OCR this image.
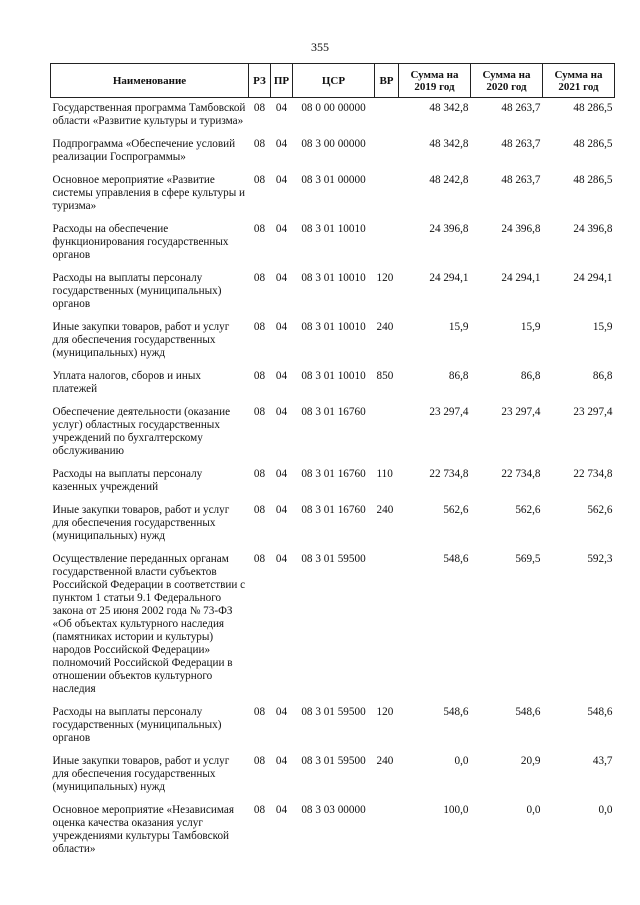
355
Наименование	РЗ	ПР	ЦСР	ВР	Сумма на 2019 год	Сумма на 2020 год	Сумма на 2021 год
Государственная программа Тамбовской области «Развитие культуры и туризма»	08	04	08 0 00 00000		48 342,8	48 263,7	48 286,5
Подпрограмма «Обеспечение условий реализации Госпрограммы»	08	04	08 3 00 00000		48 342,8	48 263,7	48 286,5
Основное мероприятие «Развитие системы управления в сфере культуры и туризма»	08	04	08 3 01 00000		48 242,8	48 263,7	48 286,5
Расходы на обеспечение функционирования государственных органов	08	04	08 3 01 10010		24 396,8	24 396,8	24 396,8
Расходы на выплаты персоналу государственных (муниципальных) органов	08	04	08 3 01 10010	120	24 294,1	24 294,1	24 294,1
Иные закупки товаров, работ и услуг для обеспечения государственных (муниципальных) нужд	08	04	08 3 01 10010	240	15,9	15,9	15,9
Уплата налогов, сборов и иных платежей	08	04	08 3 01 10010	850	86,8	86,8	86,8
Обеспечение деятельности (оказание услуг) областных государственных учреждений по бухгалтерскому обслуживанию	08	04	08 3 01 16760		23 297,4	23 297,4	23 297,4
Расходы на выплаты персоналу казенных учреждений	08	04	08 3 01 16760	110	22 734,8	22 734,8	22 734,8
Иные закупки товаров, работ и услуг для обеспечения государственных (муниципальных) нужд	08	04	08 3 01 16760	240	562,6	562,6	562,6
Осуществление переданных органам государственной власти субъектов Российской Федерации в соответствии с пунктом 1 статьи 9.1 Федерального закона от 25 июня 2002 года № 73-ФЗ «Об объектах культурного наследия (памятниках истории и культуры) народов Российской Федерации» полномочий Российской Федерации в отношении объектов культурного наследия	08	04	08 3 01 59500		548,6	569,5	592,3
Расходы на выплаты персоналу государственных (муниципальных) органов	08	04	08 3 01 59500	120	548,6	548,6	548,6
Иные закупки товаров, работ и услуг для обеспечения государственных (муниципальных) нужд	08	04	08 3 01 59500	240	0,0	20,9	43,7
Основное мероприятие «Независимая оценка качества оказания услуг учреждениями культуры Тамбовской области»	08	04	08 3 03 00000		100,0	0,0	0,0
